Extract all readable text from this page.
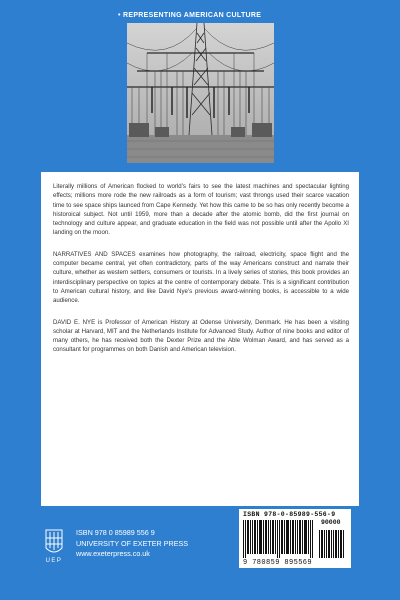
• REPRESENTING AMERICAN CULTURE

Literally millions of American flocked to world’s fairs to see the latest machines and spectacular lighting effects; millions more rode the new railroads as a form of tourism; vast throngs used their scarce vacation time to see space ships launced from Cape Kennedy. Yet how this came to be so has only recently become a historoical subject. Not until 1959, more than a decade after the atomic bomb, did the first journal on technology and culture appear, and graduate education in the field was not possible until after the Apollo XI landing on the moon.

NARRATIVES AND SPACES examines how photography, the railroad, electricity, space flight and the computer became central, yet often contradictory, parts of the way Americans construct and narrate their culture, whether as western settlers, consumers or tourists. In a lively series of stories, this book provides an interdisciplinary perspective on topics at the centre of contemporary debate. This is a significant contribution to American cultural history, and like David Nye’s previous award-winning books, is accessible to a wide audience.

DAVID E. NYE is Professor of American History at Odense University, Denmark. He has been a visiting scholar at Harvard, MIT and the Netherlands Institute for Advanced Study. Author of nine books and editor of many others, he has received both the Dexter Prize and the Able Wolman Award, and has served as a consultant for programmes on both Danish and American television.

ISBN 978-0-85989-556-9
90000
9 780859 895569
UEP
ISBN 978 0 85989 556 9
UNIVERSITY OF EXETER PRESS
www.exeterpress.co.uk
